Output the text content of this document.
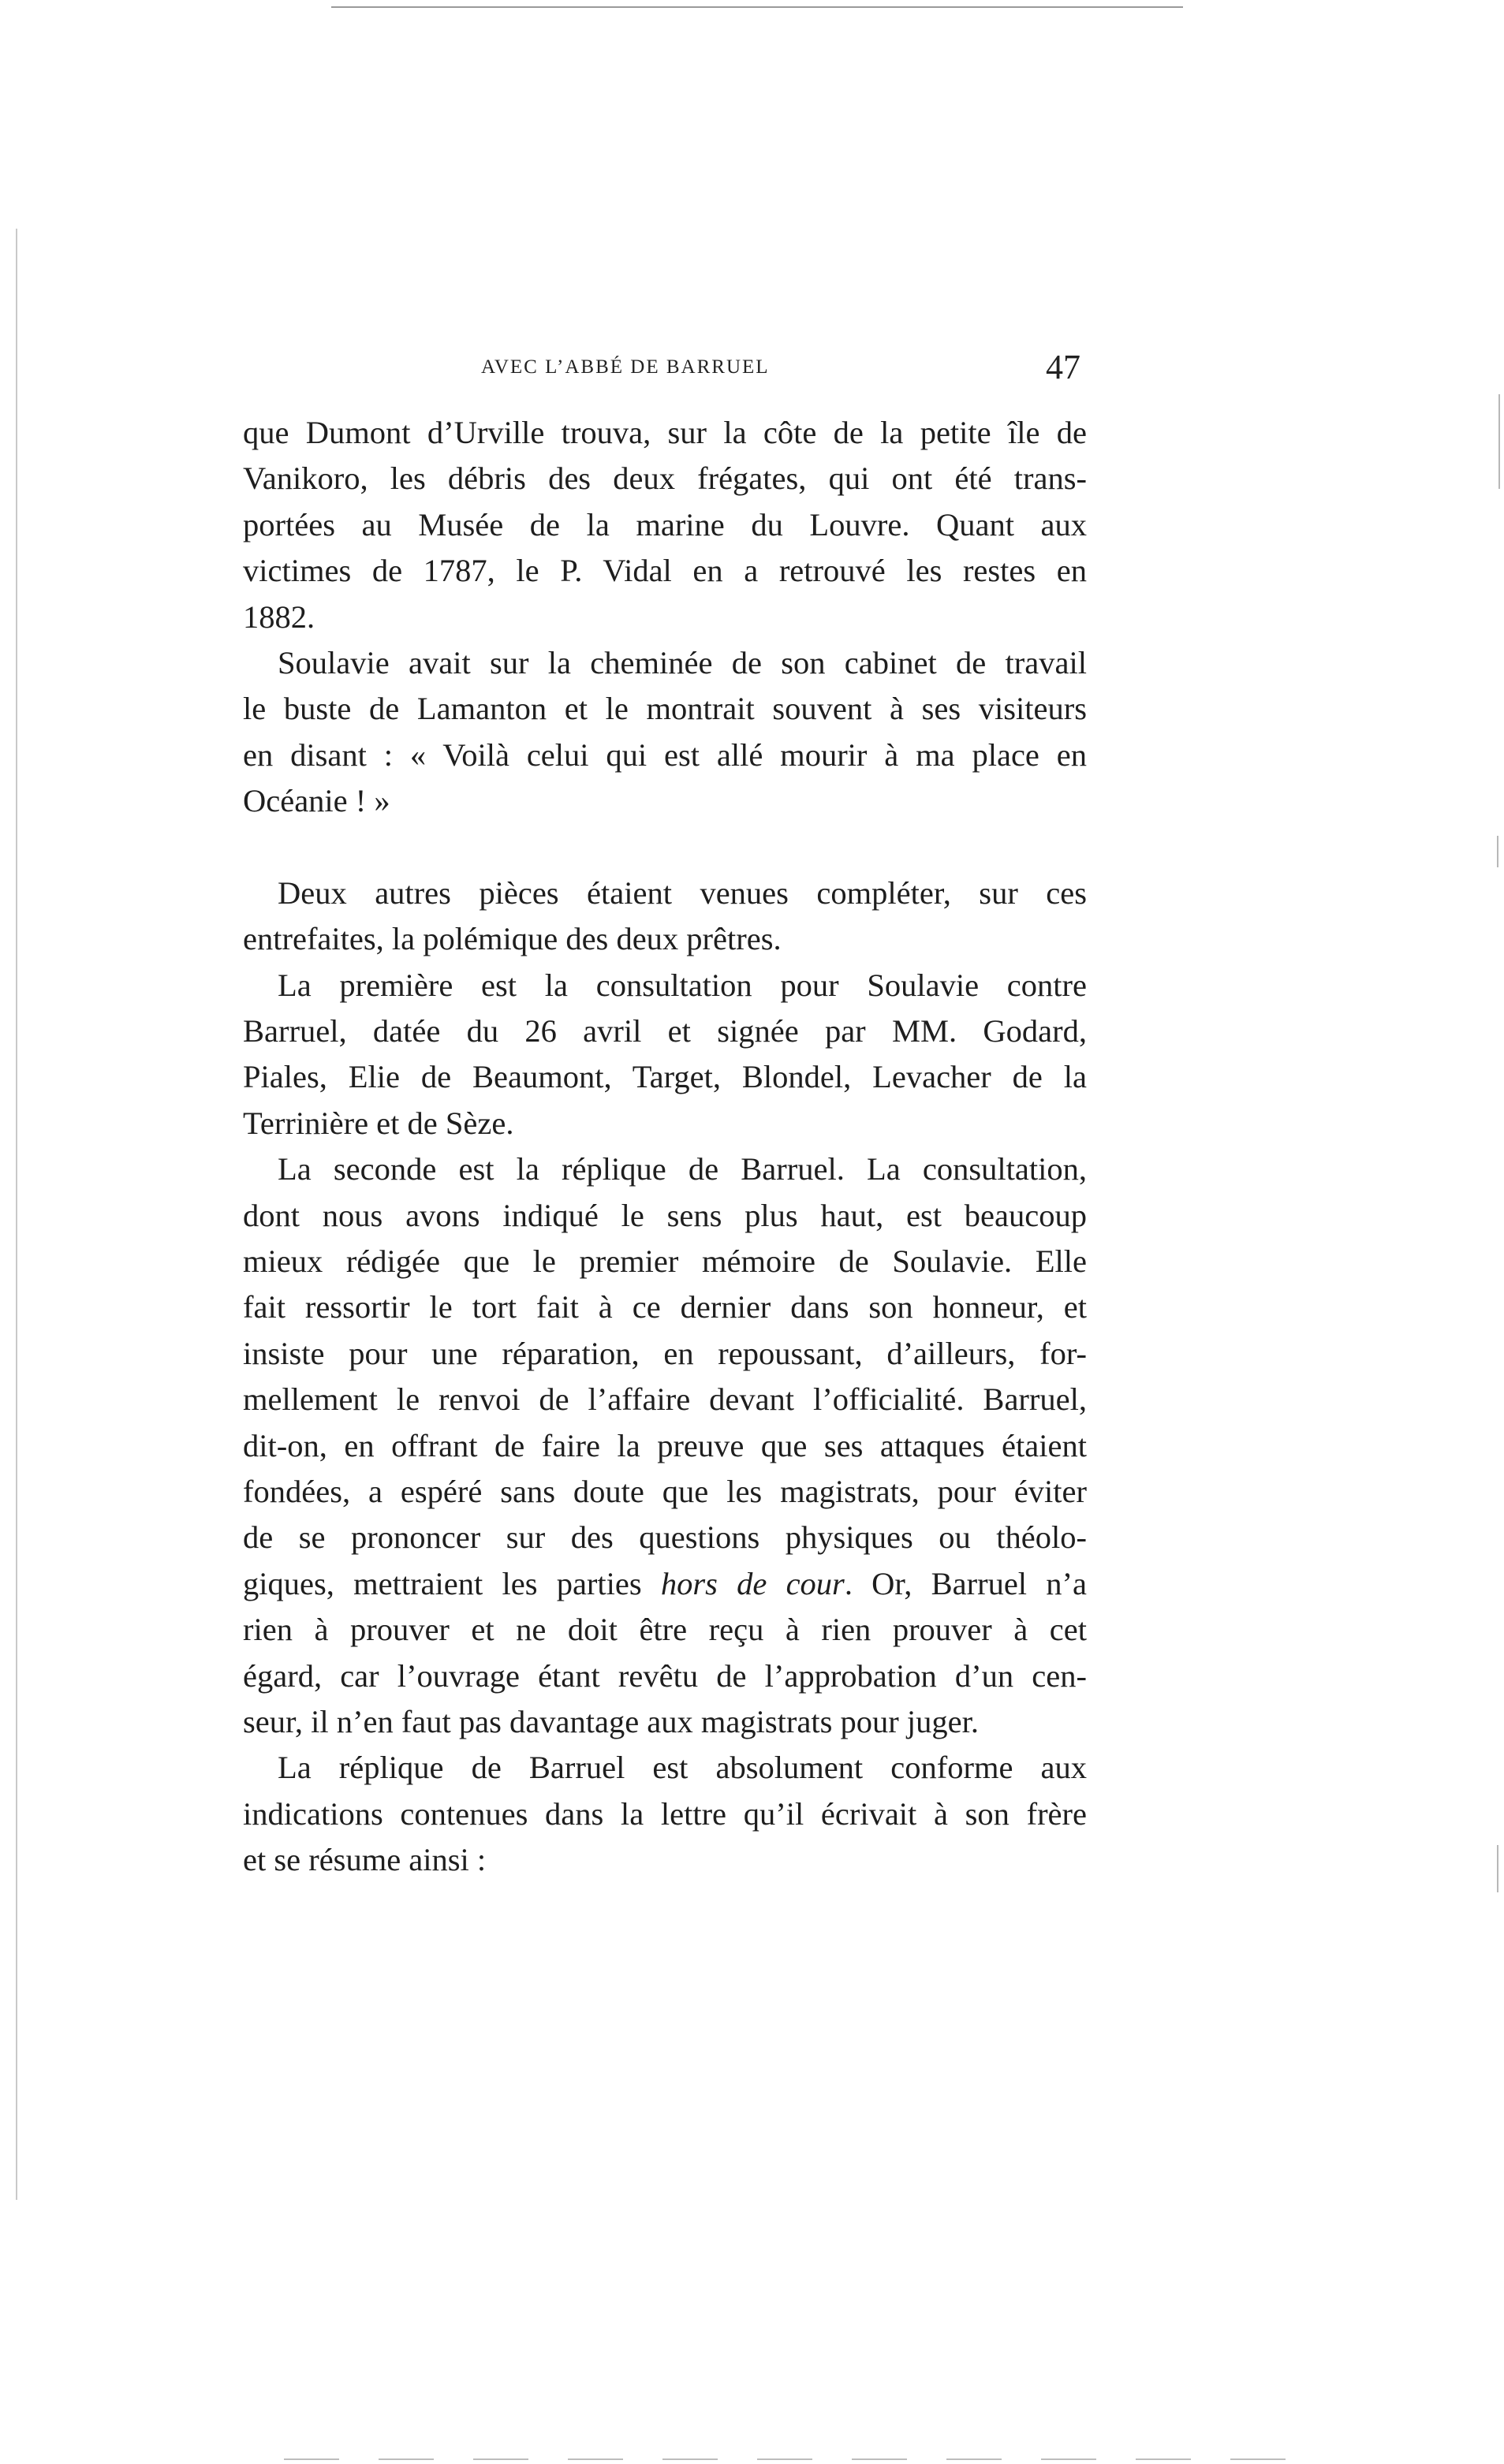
AVEC L’ABBÉ DE BARRUEL	47
que Dumont d’Urville trouva, sur la côte de la petite île de
Vanikoro, les débris des deux frégates, qui ont été trans-
portées au Musée de la marine du Louvre. Quant aux
victimes de 1787, le P. Vidal en a retrouvé les restes en
1882.
Soulavie avait sur la cheminée de son cabinet de travail
le buste de Lamanton et le montrait souvent à ses visiteurs
en disant : « Voilà celui qui est allé mourir à ma place en
Océanie ! »
Deux autres pièces étaient venues compléter, sur ces
entrefaites, la polémique des deux prêtres.
La première est la consultation pour Soulavie contre
Barruel, datée du 26 avril et signée par MM. Godard,
Piales, Elie de Beaumont, Target, Blondel, Levacher de la
Terrinière et de Sèze.
La seconde est la réplique de Barruel. La consultation,
dont nous avons indiqué le sens plus haut, est beaucoup
mieux rédigée que le premier mémoire de Soulavie. Elle
fait ressortir le tort fait à ce dernier dans son honneur, et
insiste pour une réparation, en repoussant, d’ailleurs, for-
mellement le renvoi de l’affaire devant l’officialité. Barruel,
dit-on, en offrant de faire la preuve que ses attaques étaient
fondées, a espéré sans doute que les magistrats, pour éviter
de se prononcer sur des questions physiques ou théolo-
giques, mettraient les parties hors de cour. Or, Barruel n’a
rien à prouver et ne doit être reçu à rien prouver à cet
égard, car l’ouvrage étant revêtu de l’approbation d’un cen-
seur, il n’en faut pas davantage aux magistrats pour juger.
La réplique de Barruel est absolument conforme aux
indications contenues dans la lettre qu’il écrivait à son frère
et se résume ainsi :
